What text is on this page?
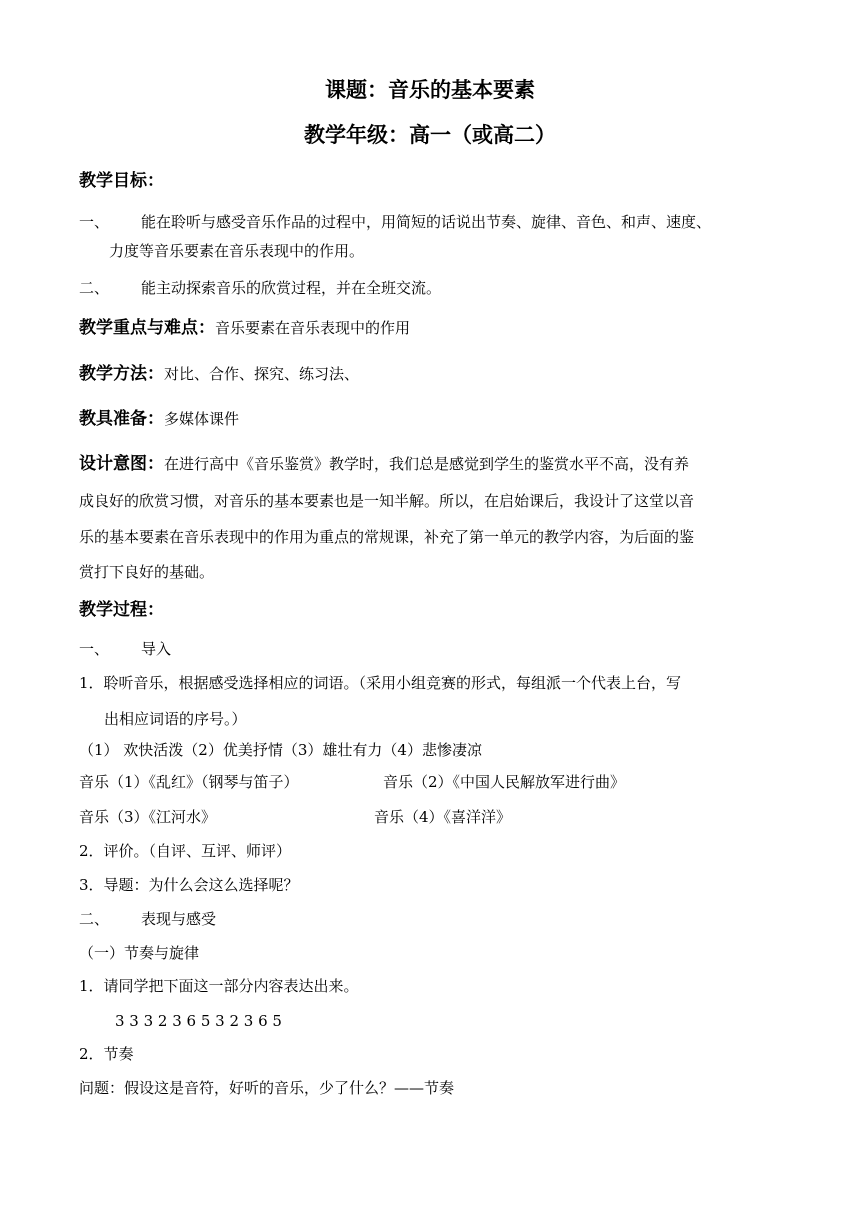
课题：音乐的基本要素
教学年级：高一（或高二）
教学目标：
一、 能在聆听与感受音乐作品的过程中，用简短的话说出节奏、旋律、音色、和声、速度、
力度等音乐要素在音乐表现中的作用。
二、 能主动探索音乐的欣赏过程，并在全班交流。
教学重点与难点：音乐要素在音乐表现中的作用
教学方法：对比、合作、探究、练习法、
教具准备：多媒体课件
设计意图：在进行高中《音乐鉴赏》教学时，我们总是感觉到学生的鉴赏水平不高，没有养
成良好的欣赏习惯，对音乐的基本要素也是一知半解。所以，在启始课后，我设计了这堂以音
乐的基本要素在音乐表现中的作用为重点的常规课，补充了第一单元的教学内容，为后面的鉴
赏打下良好的基础。
教学过程：
一、 导入
1．聆听音乐，根据感受选择相应的词语。（采用小组竞赛的形式，每组派一个代表上台，写
出相应词语的序号。）
（1） 欢快活泼（2）优美抒情（3）雄壮有力（4）悲惨凄凉
音乐（1）《乱红》（钢琴与笛子）	音乐（2）《中国人民解放军进行曲》
音乐（3）《江河水》	音乐（4）《喜洋洋》
2．评价。（自评、互评、师评）
3．导题：为什么会这么选择呢？
二、 表现与感受
（一）节奏与旋律
1．请同学把下面这一部分内容表达出来。
3 3 3 2 3 6 5 3 2 3 6 5
2．节奏
问题：假设这是音符，好听的音乐，少了什么？——节奏
